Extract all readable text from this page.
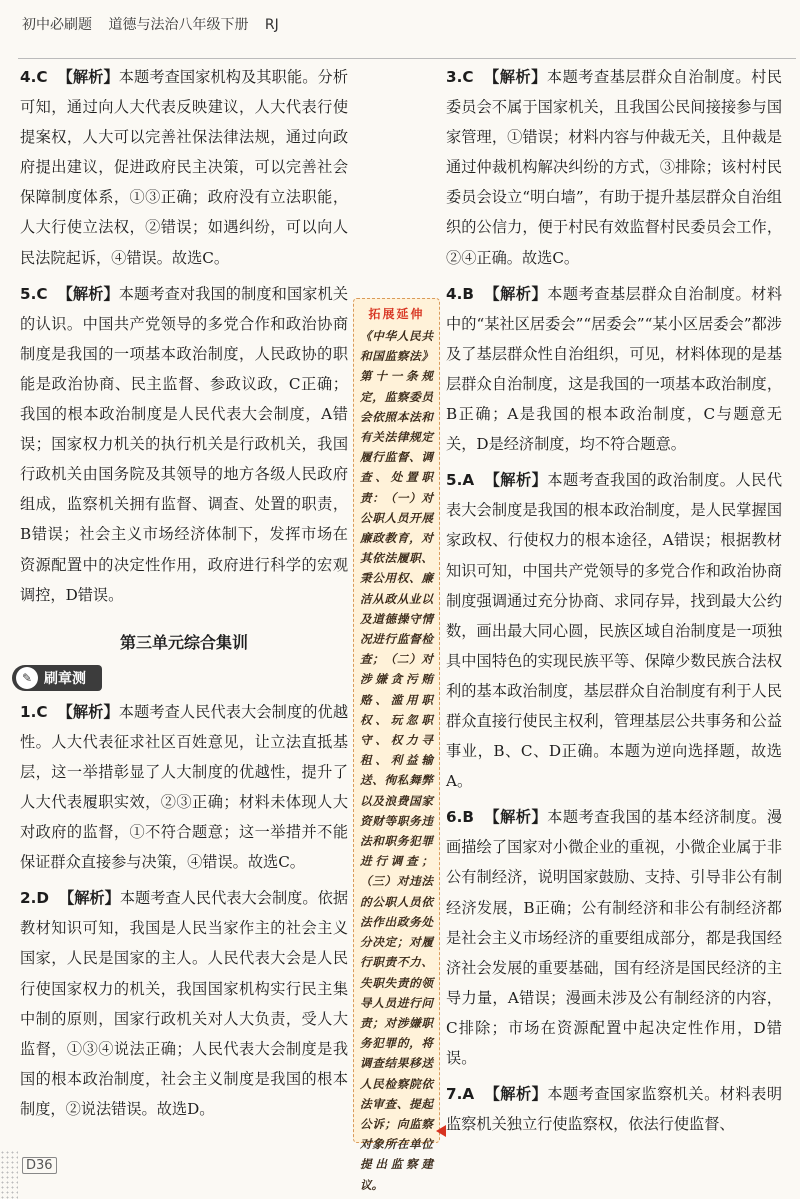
初中必刷题 道德与法治八年级下册 RJ

4.C 【解析】本题考查国家机构及其职能。分析可知，通过向人大代表反映建议，人大代表行使提案权，人大可以完善社保法律法规，通过向政府提出建议，促进政府民主决策，可以完善社会保障制度体系，①③正确；政府没有立法职能，人大行使立法权，②错误；如遇纠纷，可以向人民法院起诉，④错误。故选C。

5.C 【解析】本题考查对我国的制度和国家机关的认识。中国共产党领导的多党合作和政治协商制度是我国的一项基本政治制度，人民政协的职能是政治协商、民主监督、参政议政，C正确；我国的根本政治制度是人民代表大会制度，A错误；国家权力机关的执行机关是行政机关，我国行政机关由国务院及其领导的地方各级人民政府组成，监察机关拥有监督、调查、处置的职责，B错误；社会主义市场经济体制下，发挥市场在资源配置中的决定性作用，政府进行科学的宏观调控，D错误。

第三单元综合集训
✎ 刷章测

1.C 【解析】本题考查人民代表大会制度的优越性。人大代表征求社区百姓意见，让立法直抵基层，这一举措彰显了人大制度的优越性，提升了人大代表履职实效，②③正确；材料未体现人大对政府的监督，①不符合题意；这一举措并不能保证群众直接参与决策，④错误。故选C。

2.D 【解析】本题考查人民代表大会制度。依据教材知识可知，我国是人民当家作主的社会主义国家，人民是国家的主人。人民代表大会是人民行使国家权力的机关，我国国家机构实行民主集中制的原则，国家行政机关对人大负责，受人大监督，①③④说法正确；人民代表大会制度是我国的根本政治制度，社会主义制度是我国的根本制度，②说法错误。故选D。

拓展延伸
《中华人民共和国监察法》第十一条规定，监察委员会依照本法和有关法律规定履行监督、调查、处置职责：（一）对公职人员开展廉政教育，对其依法履职、秉公用权、廉洁从政从业以及道德操守情况进行监督检查；（二）对涉嫌贪污贿赂、滥用职权、玩忽职守、权力寻租、利益输送、徇私舞弊以及浪费国家资财等职务违法和职务犯罪进行调查；（三）对违法的公职人员依法作出政务处分决定；对履行职责不力、失职失责的领导人员进行问责；对涉嫌职务犯罪的，将调查结果移送人民检察院依法审查、提起公诉；向监察对象所在单位提出监察建议。

3.C 【解析】本题考查基层群众自治制度。村民委员会不属于国家机关，且我国公民间接接参与国家管理，①错误；材料内容与仲裁无关，且仲裁是通过仲裁机构解决纠纷的方式，③排除；该村村民委员会设立“明白墙”，有助于提升基层群众自治组织的公信力，便于村民有效监督村民委员会工作，②④正确。故选C。

4.B 【解析】本题考查基层群众自治制度。材料中的“某社区居委会”“居委会”“某小区居委会”都涉及了基层群众性自治组织，可见，材料体现的是基层群众自治制度，这是我国的一项基本政治制度，B正确；A是我国的根本政治制度，C与题意无关，D是经济制度，均不符合题意。

5.A 【解析】本题考查我国的政治制度。人民代表大会制度是我国的根本政治制度，是人民掌握国家政权、行使权力的根本途径，A错误；根据教材知识可知，中国共产党领导的多党合作和政治协商制度强调通过充分协商、求同存异，找到最大公约数，画出最大同心圆，民族区域自治制度是一项独具中国特色的实现民族平等、保障少数民族合法权利的基本政治制度，基层群众自治制度有利于人民群众直接行使民主权利，管理基层公共事务和公益事业，B、C、D正确。本题为逆向选择题，故选A。

6.B 【解析】本题考查我国的基本经济制度。漫画描绘了国家对小微企业的重视，小微企业属于非公有制经济，说明国家鼓励、支持、引导非公有制经济发展，B正确；公有制经济和非公有制经济都是社会主义市场经济的重要组成部分，都是我国经济社会发展的重要基础，国有经济是国民经济的主导力量，A错误；漫画未涉及公有制经济的内容，C排除；市场在资源配置中起决定性作用，D错误。

7.A 【解析】本题考查国家监察机关。材料表明监察机关独立行使监察权，依法行使监督、

D36
